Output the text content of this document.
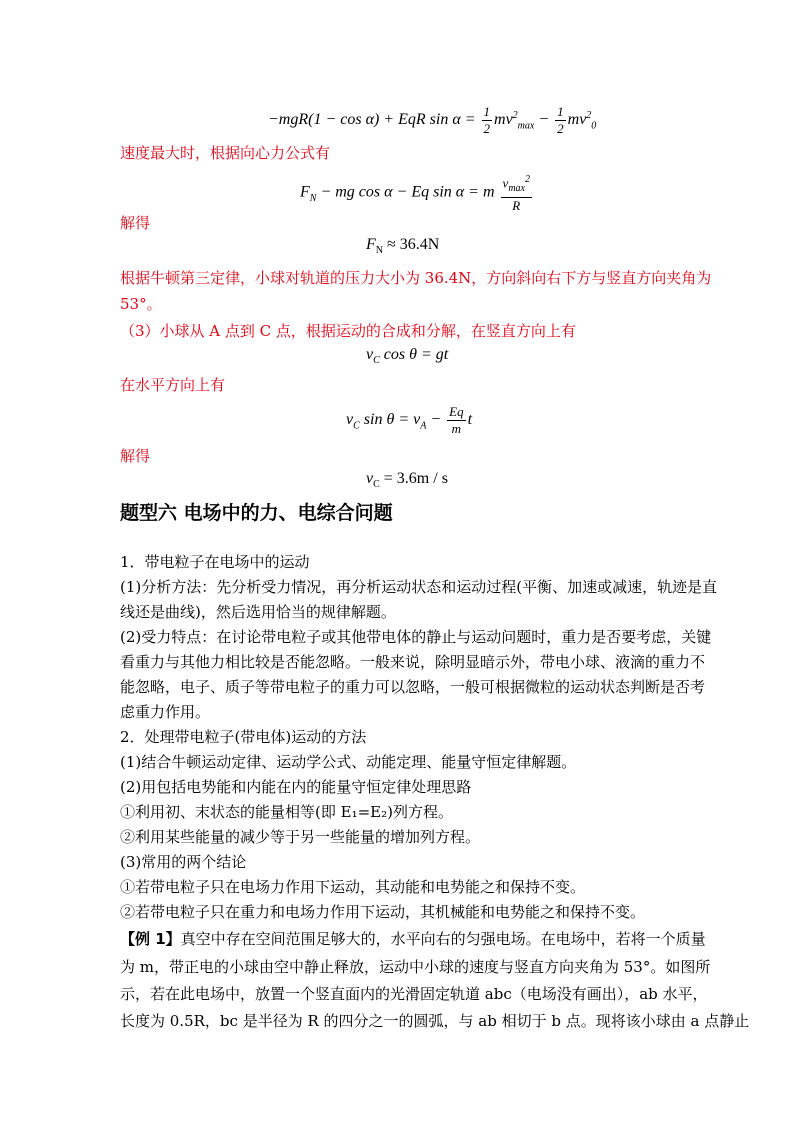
−mgR(1 − cos α) + EqR $\sin \alpha = \frac{1}{2} mv^2_{max} - \frac{1}{2} mv^2_0$
速度最大时，根据向心力公式有
$F_N$ − mg cos α − Eq sin α = m $\frac{v_{max}^2}{R}$
解得
$F_N \approx 36.4N$
根据牛顿第三定律，小球对轨道的压力大小为 36.4N，方向斜向右下方与竖直方向夹角为
53°。
（3）小球从 A 点到 C 点，根据运动的合成和分解，在竖直方向上有
$v_C$ cos θ = gt
在水平方向上有
$v_C$ $\sin \theta = v_A - \frac{Eq}{m}$ t
解得
$v_C = 3.6m / s$
题型六 电场中的力、电综合问题
1．带电粒子在电场中的运动
(1)分析方法：先分析受力情况，再分析运动状态和运动过程(平衡、加速或减速，轨迹是直
线还是曲线)，然后选用恰当的规律解题。
(2)受力特点：在讨论带电粒子或其他带电体的静止与运动问题时，重力是否要考虑，关键
看重力与其他力相比较是否能忽略。一般来说，除明显暗示外，带电小球、液滴的重力不
能忽略，电子、质子等带电粒子的重力可以忽略，一般可根据微粒的运动状态判断是否考
虑重力作用。
2．处理带电粒子(带电体)运动的方法
(1)结合牛顿运动定律、运动学公式、动能定理、能量守恒定律解题。
(2)用包括电势能和内能在内的能量守恒定律处理思路
①利用初、末状态的能量相等(即 E₁=E₂)列方程。
②利用某些能量的减少等于另一些能量的增加列方程。
(3)常用的两个结论
①若带电粒子只在电场力作用下运动，其动能和电势能之和保持不变。
②若带电粒子只在重力和电场力作用下运动，其机械能和电势能之和保持不变。
【例 1】真空中存在空间范围足够大的，水平向右的匀强电场。在电场中，若将一个质量
为 m，带正电的小球由空中静止释放，运动中小球的速度与竖直方向夹角为 53°。如图所
示，若在此电场中，放置一个竖直面内的光滑固定轨道 abc（电场没有画出），ab 水平，
长度为 0.5R，bc 是半径为 R 的四分之一的圆弧，与 ab 相切于 b 点。现将该小球由 a 点静止
